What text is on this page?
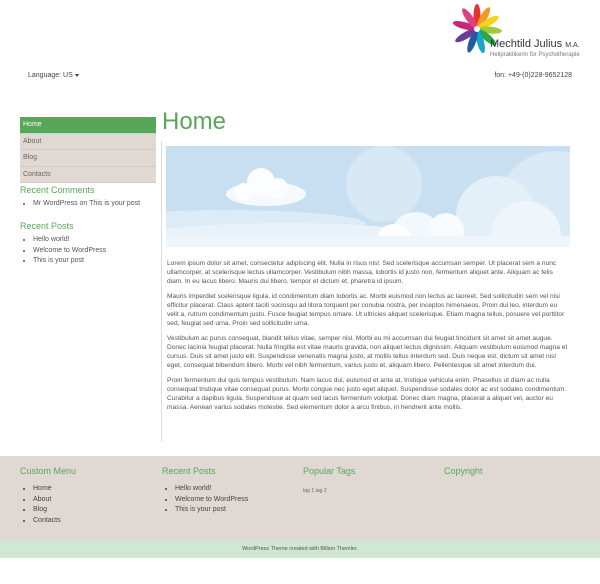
Mechtild Julius M.A.
Heilpraktikerin für Psychotherapie
Language: US	fon: +49-(0)228-9652128
Home
About
Blog
Contacts
Recent Comments
• Mr WordPress on This is your post
Recent Posts
• Hello world!
• Welcome to WordPress
• This is your post
Home

Lorem ipsum dolor sit amet, consectetur adipiscing elit. Nulla in risus nisl. Sed scelerisque accumsan semper. Ut placerat sem a nunc ullamcorper, at scelerisque lectus ullamcorper. Vestibulum nibh massa, lobortis id justo non, fermentum aliquet ante. Aliquam ac felis diam. In eu lacus libero. Mauris dui libero, tempor et dictum et, pharetra id ipsum.

Mauris imperdiet scelerisque ligula, id condimentum diam lobortis ac. Morbi euismod non lectus ac laoreet. Sed sollicitudin sem vel nisi efficitur placerat. Class aptent taciti sociosqu ad litora torquent per conubia nostra, per inceptos himenaeos. Proin dui leo, interdum eu velit a, rutrum condimentum justo. Fusce feugiat tempus ornare. Ut ultricies aliquet scelerisque. Etiam magna tellus, posuere vel porttitor sed, feugiat sed urna. Proin sed sollicitudin urna.

Vestibulum ac purus consequat, blandit tellus vitae, semper nisl. Morbi eu mi accumsan dui feugiat tincidunt sit amet sit amet augue. Donec lacinia feugiat placerat. Nulla fringilla est vitae mauris gravida, non aliquet lectus dignissim. Aliquam vestibulum euismod magna et cursus. Duis sit amet justo elit. Suspendisse venenatis magna justo, at mollis tellus interdum sed. Duis neque est, dictum sit amet nisl eget, consequat bibendum libero. Morbi vel nibh fermentum, varius justo et, aliquam libero. Pellentesque sit amet interdum dui.

Proin fermentum dui quis tempus vestibulum. Nam lacus dui, euismod et ante at, tristique vehicula enim. Phasellus ut diam ac nulla consequat tristique vitae consequat purus. Morbi congue nec justo eget aliquet. Suspendisse sodales dolor ac est sodales condimentum. Curabitur a dapibus ligula. Suspendisse at quam sed lacus fermentum volutpat. Donec diam magna, placerat a aliquet vel, auctor eu massa. Aenean varius sodales molestie. Sed elementum dolor a arcu finibus, in hendrerit ante mollis.

Custom Menu
• Home
• About
• Blog
• Contacts
Recent Posts
• Hello world!
• Welcome to WordPress
• This is your post
Popular Tags
tag 1 tag 2
Copyright
WordPress Theme created with Billion Themler.
